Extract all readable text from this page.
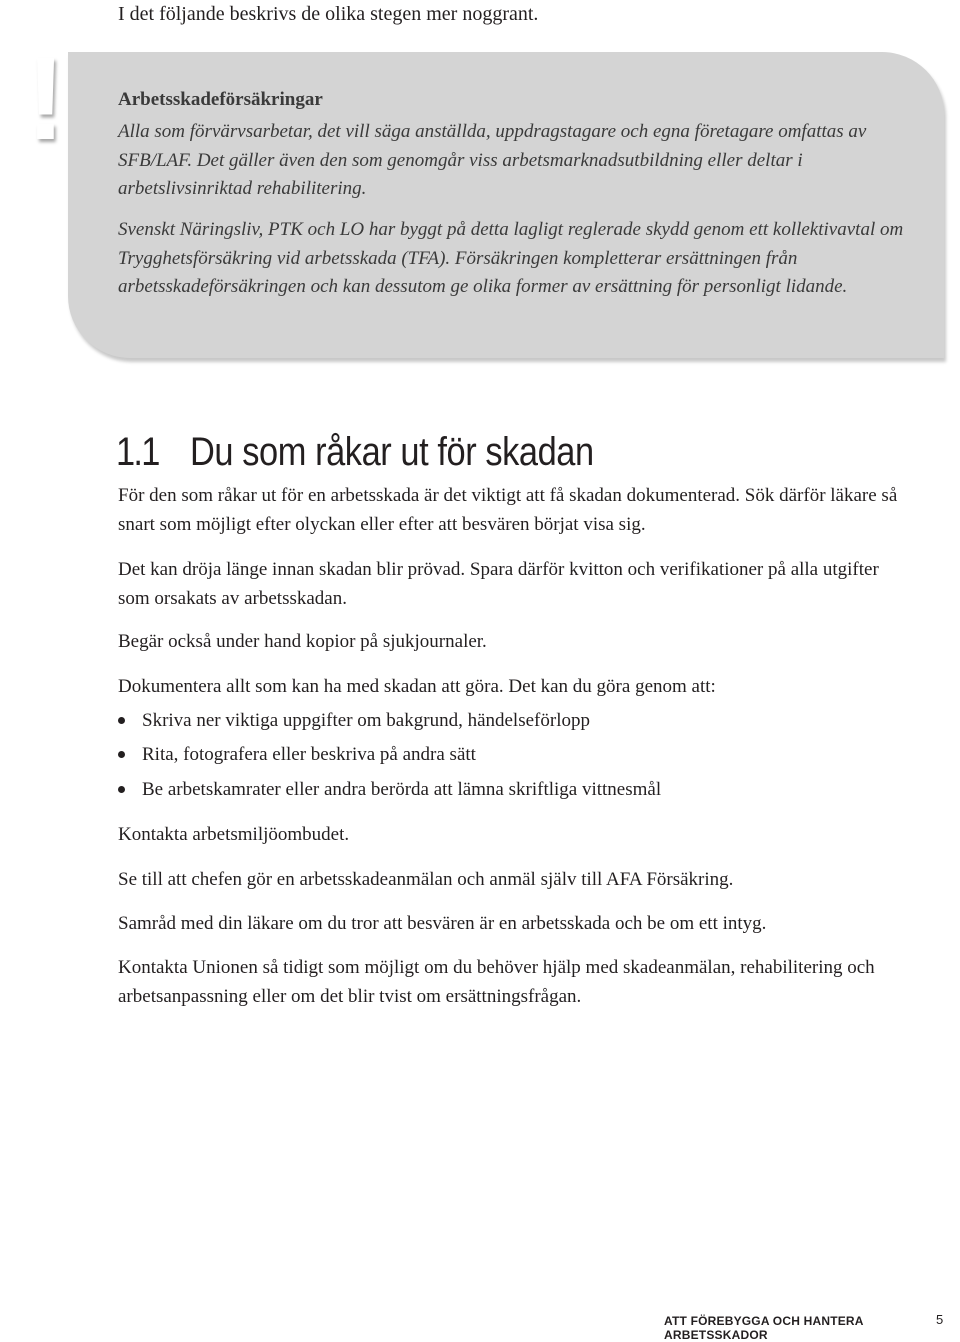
I det följande beskrivs de olika stegen mer noggrant.
!	Arbetsskadeförsäkringar
Alla som förvärvsarbetar, det vill säga anställda, uppdragstagare och egna företagare omfattas av SFB/LAF. Det gäller även den som genomgår viss arbetsmarknadsutbildning eller deltar i arbetslivsinriktad rehabilitering.
Svenskt Näringsliv, PTK och LO har byggt på detta lagligt reglerade skydd genom ett kollektivavtal om Trygghetsförsäkring vid arbetsskada (TFA). Försäkringen kompletterar ersättningen från arbetsskadeförsäkringen och kan dessutom ge olika former av ersättning för personligt lidande.
1.1 Du som råkar ut för skadan
För den som råkar ut för en arbetsskada är det viktigt att få skadan dokumenterad. Sök därför läkare så snart som möjligt efter olyckan eller efter att besvären börjat visa sig.
Det kan dröja länge innan skadan blir prövad. Spara därför kvitton och verifikationer på alla utgifter som orsakats av arbetsskadan.
Begär också under hand kopior på sjukjournaler.
Dokumentera allt som kan ha med skadan att göra. Det kan du göra genom att:
Skriva ner viktiga uppgifter om bakgrund, händelseförlopp
Rita, fotografera eller beskriva på andra sätt
Be arbetskamrater eller andra berörda att lämna skriftliga vittnesmål
Kontakta arbetsmiljöombudet.
Se till att chefen gör en arbetsskadeanmälan och anmäl själv till AFA Försäkring.
Samråd med din läkare om du tror att besvären är en arbetsskada och be om ett intyg.
Kontakta Unionen så tidigt som möjligt om du behöver hjälp med skadeanmälan, rehabilitering och arbetsanpassning eller om det blir tvist om ersättningsfrågan.
ATT FÖREBYGGA OCH HANTERA ARBETSSKADOR
5
